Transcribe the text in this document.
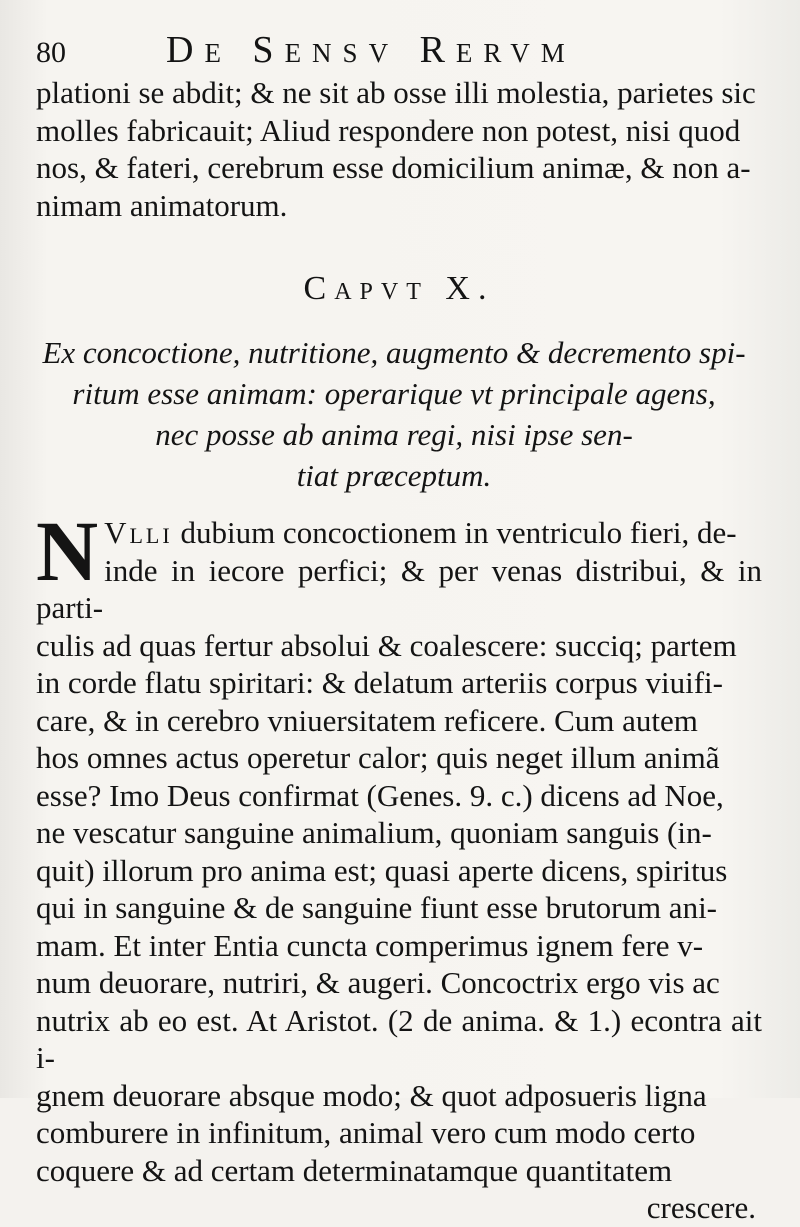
80	De Sensv Rervm

plationi se abdit; & ne sit ab osse illi molestia, parietes sic

molles fabricauit; Aliud respondere non potest, nisi quod

nos, & fateri, cerebrum esse domicilium animæ, & non a-

nimam animatorum.

Capvt X.
Ex concoctione, nutritione, augmento & decremento spi-
ritum esse animam: operarique vt principale agens,
nec posse ab anima regi, nisi ipse sen-
tiat præceptum.
N Vlli dubium concoctionem in ventriculo fieri, de-

inde in iecore perfici; & per venas distribui, & in parti-

culis ad quas fertur absolui & coalescere: succiq; partem

in corde flatu spiritari: & delatum arteriis corpus viuifi-

care, & in cerebro vniuersitatem reficere. Cum autem

hos omnes actus operetur calor; quis neget illum animã

esse? Imo Deus confirmat (Genes. 9. c.) dicens ad Noe,

ne vescatur sanguine animalium, quoniam sanguis (in-

quit) illorum pro anima est; quasi aperte dicens, spiritus

qui in sanguine & de sanguine fiunt esse brutorum ani-

mam. Et inter Entia cuncta comperimus ignem fere v-

num deuorare, nutriri, & augeri. Concoctrix ergo vis ac

nutrix ab eo est. At Aristot. (2 de anima. & 1.) econtra ait i-

gnem deuorare absque modo; & quot adposueris ligna

comburere in infinitum, animal vero cum modo certo

coquere & ad certam determinatamque quantitatem

crescere.
